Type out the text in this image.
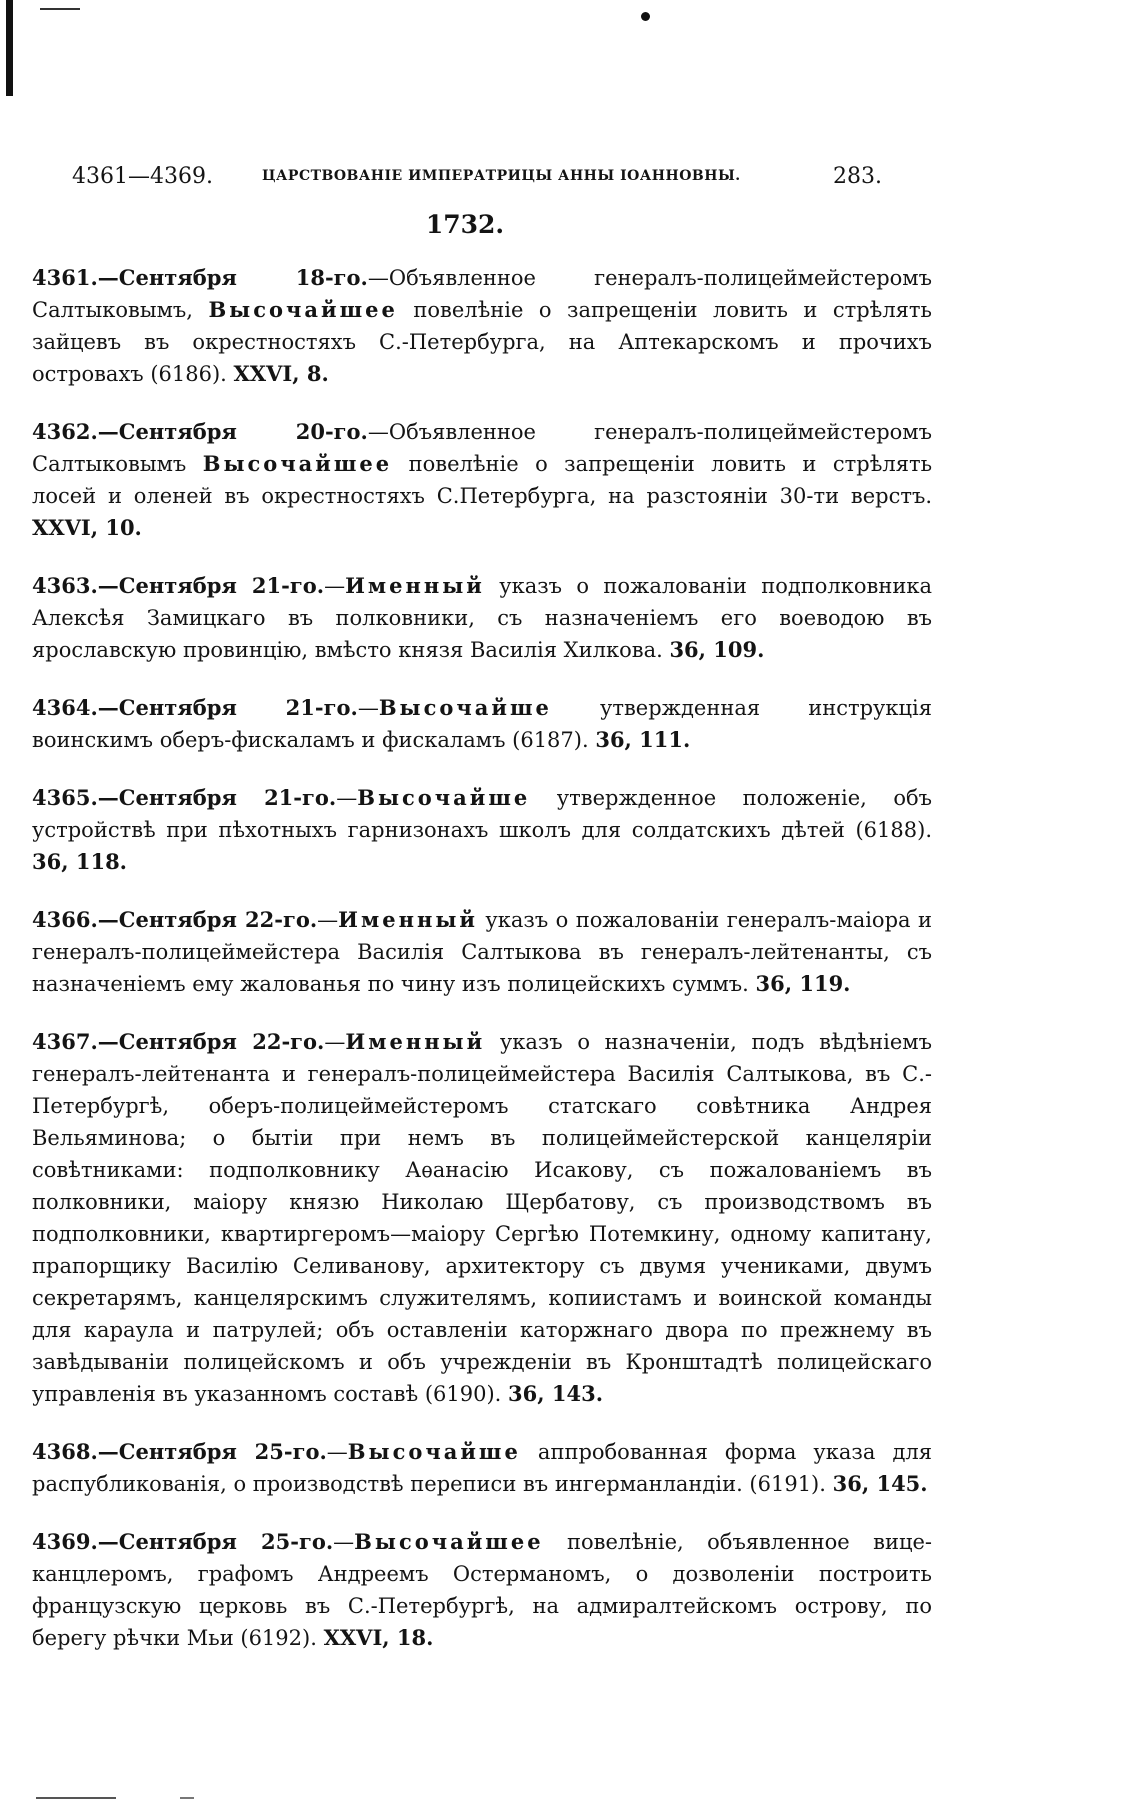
4361—4369.	ЦАРСТВОВАНІЕ ИМПЕРАТРИЦЫ АННЫ ІОАННОВНЫ.	283.
1732.

4361.—Сентября 18-го.—Объявленное генералъ-полицеймейстеромъ Салтыковымъ, Высочайшее повелѣніе о запрещеніи ловить и стрѣлять зайцевъ въ окрестностяхъ С.-Петербурга, на Аптекарскомъ и прочихъ островахъ (6186). XXVI, 8.

4362.—Сентября 20-го.—Объявленное генералъ-полицеймейстеромъ Салтыковымъ Высочайшее повелѣніе о запрещеніи ловить и стрѣлять лосей и оленей въ окрестностяхъ С.Петербурга, на разстояніи 30-ти верстъ. XXVI, 10.

4363.—Сентября 21-го.—Именный указъ о пожалованіи подполковника Алексѣя Замицкаго въ полковники, съ назначеніемъ его воеводою въ ярославскую провинцію, вмѣсто князя Василія Хилкова. 36, 109.

4364.—Сентября 21-го.—Высочайше утвержденная инструкція воинскимъ оберъ-фискаламъ и фискаламъ (6187). 36, 111.

4365.—Сентября 21-го.—Высочайше утвержденное положеніе, объ устройствѣ при пѣхотныхъ гарнизонахъ школъ для солдатскихъ дѣтей (6188). 36, 118.

4366.—Сентября 22-го.—Именный указъ о пожалованіи генералъ-маіора и генералъ-полицеймейстера Василія Салтыкова въ генералъ-лейтенанты, съ назначеніемъ ему жалованья по чину изъ полицейскихъ суммъ. 36, 119.

4367.—Сентября 22-го.—Именный указъ о назначеніи, подъ вѣдѣніемъ генералъ-лейтенанта и генералъ-полицеймейстера Василія Салтыкова, въ С.-Петербургѣ, оберъ-полицеймейстеромъ статскаго совѣтника Андрея Вельяминова; о бытіи при немъ въ полицеймейстерской канцеляріи совѣтниками: подполковнику Аѳанасію Исакову, съ пожалованіемъ въ полковники, маіору князю Николаю Щербатову, съ производствомъ въ подполковники, квартиргеромъ—маіору Сергѣю Потемкину, одному капитану, прапорщику Василію Селиванову, архитектору съ двумя учениками, двумъ секретарямъ, канцелярскимъ служителямъ, копиистамъ и воинской команды для караула и патрулей; объ оставленіи каторжнаго двора по прежнему въ завѣдываніи полицейскомъ и объ учрежденіи въ Кронштадтѣ полицейскаго управленія въ указанномъ составѣ (6190). 36, 143.

4368.—Сентября 25-го.—Высочайше аппробованная форма указа для распубликованія, о производствѣ переписи въ ингерманландіи. (6191). 36, 145.

4369.—Сентября 25-го.—Высочайшее повелѣніе, объявленное вице-канцлеромъ, графомъ Андреемъ Остерманомъ, о дозволеніи построить французскую церковь въ С.-Петербургѣ, на адмиралтейскомъ острову, по берегу рѣчки Мьи (6192). XXVI, 18.
